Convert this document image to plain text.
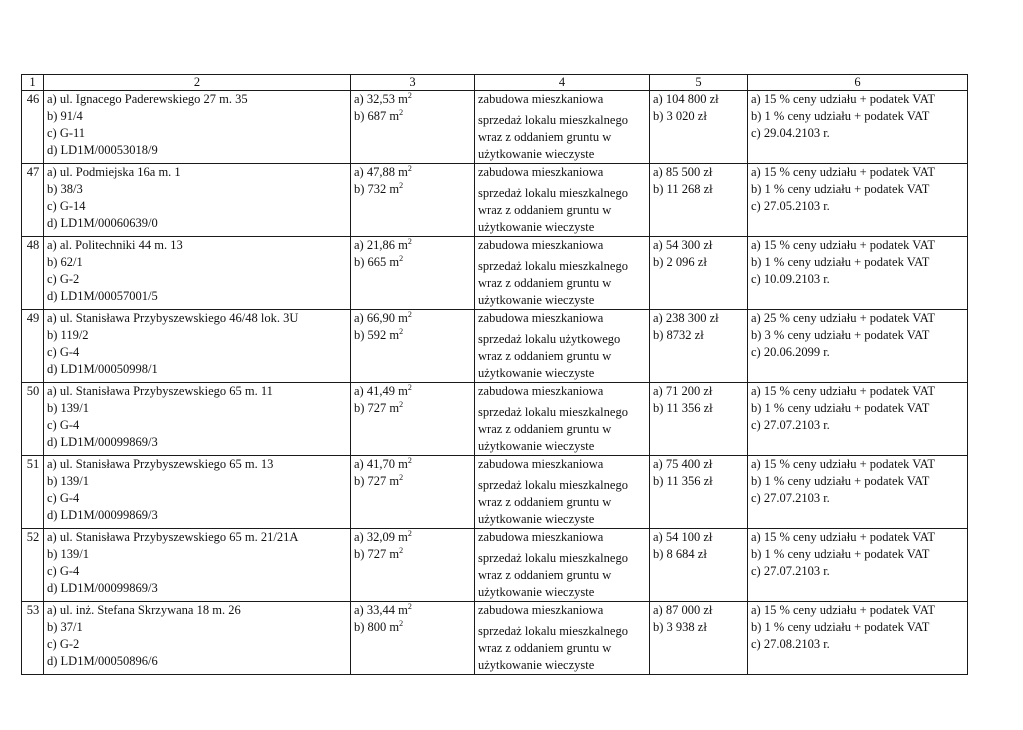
1	2	3	4	5	6

46	a) ul. Ignacego Paderewskiego 27 m. 35
b) 91/4
c) G-11
d) LD1M/00053018/9	a) 32,53 $m^2$
b) 687 $m^2$	zabudowa mieszkaniowa
sprzedaż lokalu mieszkalnego
wraz z oddaniem gruntu w
użytkowanie wieczyste	a) 104 800 zł
b) 3 020 zł	a) 15 % ceny udziału + podatek VAT
b) 1 % ceny udziału + podatek VAT
c) 29.04.2103 r.

47	a) ul. Podmiejska 16a m. 1
b) 38/3
c) G-14
d) LD1M/00060639/0	a) 47,88 $m^2$
b) 732 $m^2$	zabudowa mieszkaniowa
sprzedaż lokalu mieszkalnego
wraz z oddaniem gruntu w
użytkowanie wieczyste	a) 85 500 zł
b) 11 268 zł	a) 15 % ceny udziału + podatek VAT
b) 1 % ceny udziału + podatek VAT
c) 27.05.2103 r.

48	a) al. Politechniki 44 m. 13
b) 62/1
c) G-2
d) LD1M/00057001/5	a) 21,86 $m^2$
b) 665 $m^2$	zabudowa mieszkaniowa
sprzedaż lokalu mieszkalnego
wraz z oddaniem gruntu w
użytkowanie wieczyste	a) 54 300 zł
b) 2 096 zł	a) 15 % ceny udziału + podatek VAT
b) 1 % ceny udziału + podatek VAT
c) 10.09.2103 r.

49	a) ul. Stanisława Przybyszewskiego 46/48 lok. 3U
b) 119/2
c) G-4
d) LD1M/00050998/1	a) 66,90 $m^2$
b) 592 $m^2$	zabudowa mieszkaniowa
sprzedaż lokalu użytkowego
wraz z oddaniem gruntu w
użytkowanie wieczyste	a) 238 300 zł
b) 8732 zł	a) 25 % ceny udziału + podatek VAT
b) 3 % ceny udziału + podatek VAT
c) 20.06.2099 r.

50	a) ul. Stanisława Przybyszewskiego 65 m. 11
b) 139/1
c) G-4
d) LD1M/00099869/3	a) 41,49 $m^2$
b) 727 $m^2$	zabudowa mieszkaniowa
sprzedaż lokalu mieszkalnego
wraz z oddaniem gruntu w
użytkowanie wieczyste	a) 71 200 zł
b) 11 356 zł	a) 15 % ceny udziału + podatek VAT
b) 1 % ceny udziału + podatek VAT
c) 27.07.2103 r.

51	a) ul. Stanisława Przybyszewskiego 65 m. 13
b) 139/1
c) G-4
d) LD1M/00099869/3	a) 41,70 $m^2$
b) 727 $m^2$	zabudowa mieszkaniowa
sprzedaż lokalu mieszkalnego
wraz z oddaniem gruntu w
użytkowanie wieczyste	a) 75 400 zł
b) 11 356 zł	a) 15 % ceny udziału + podatek VAT
b) 1 % ceny udziału + podatek VAT
c) 27.07.2103 r.

52	a) ul. Stanisława Przybyszewskiego 65 m. 21/21A
b) 139/1
c) G-4
d) LD1M/00099869/3	a) 32,09 $m^2$
b) 727 $m^2$	zabudowa mieszkaniowa
sprzedaż lokalu mieszkalnego
wraz z oddaniem gruntu w
użytkowanie wieczyste	a) 54 100 zł
b) 8 684 zł	a) 15 % ceny udziału + podatek VAT
b) 1 % ceny udziału + podatek VAT
c) 27.07.2103 r.

53	a) ul. inż. Stefana Skrzywana 18 m. 26
b) 37/1
c) G-2
d) LD1M/00050896/6	a) 33,44 $m^2$
b) 800 $m^2$	zabudowa mieszkaniowa
sprzedaż lokalu mieszkalnego
wraz z oddaniem gruntu w
użytkowanie wieczyste	a) 87 000 zł
b) 3 938 zł	a) 15 % ceny udziału + podatek VAT
b) 1 % ceny udziału + podatek VAT
c) 27.08.2103 r.
